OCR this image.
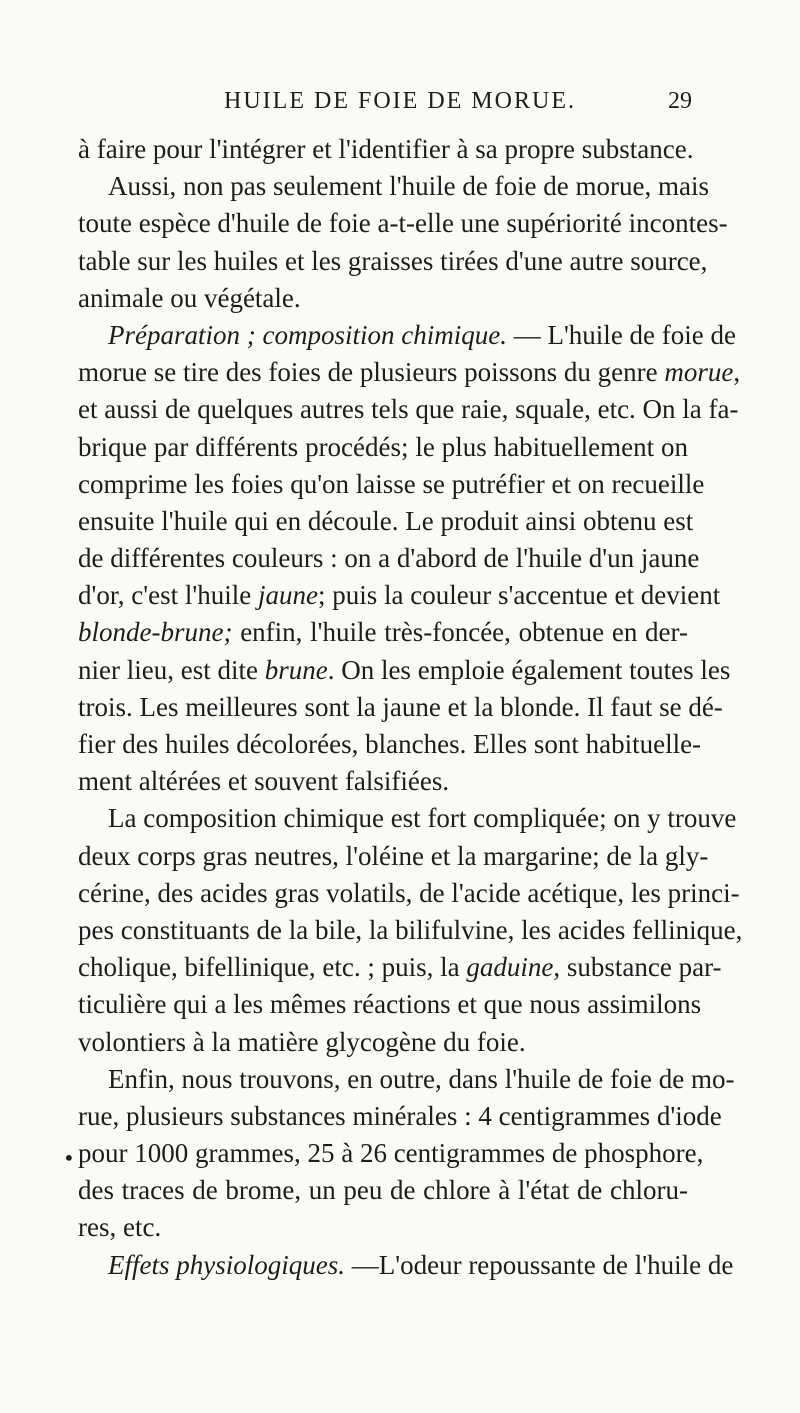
HUILE DE FOIE DE MORUE.	29
•
à faire pour l'intégrer et l'identifier à sa propre substance.
Aussi, non pas seulement l'huile de foie de morue, mais
toute espèce d'huile de foie a-t-elle une supériorité incontes-
table sur les huiles et les graisses tirées d'une autre source,
animale ou végétale.
Préparation ; composition chimique. — L'huile de foie de
morue se tire des foies de plusieurs poissons du genre morue,
et aussi de quelques autres tels que raie, squale, etc. On la fa-
brique par différents procédés; le plus habituellement on
comprime les foies qu'on laisse se putréfier et on recueille
ensuite l'huile qui en découle. Le produit ainsi obtenu est
de différentes couleurs : on a d'abord de l'huile d'un jaune
d'or, c'est l'huile jaune; puis la couleur s'accentue et devient
blonde-brune; enfin, l'huile très-foncée, obtenue en der-
nier lieu, est dite brune. On les emploie également toutes les
trois. Les meilleures sont la jaune et la blonde. Il faut se dé-
fier des huiles décolorées, blanches. Elles sont habituelle-
ment altérées et souvent falsifiées.
La composition chimique est fort compliquée; on y trouve
deux corps gras neutres, l'oléine et la margarine; de la gly-
cérine, des acides gras volatils, de l'acide acétique, les princi-
pes constituants de la bile, la bilifulvine, les acides fellinique,
cholique, bifellinique, etc. ; puis, la gaduine, substance par-
ticulière qui a les mêmes réactions et que nous assimilons
volontiers à la matière glycogène du foie.
Enfin, nous trouvons, en outre, dans l'huile de foie de mo-
rue, plusieurs substances minérales : 4 centigrammes d'iode
pour 1000 grammes, 25 à 26 centigrammes de phosphore,
des traces de brome, un peu de chlore à l'état de chloru-
res, etc.
Effets physiologiques. —L'odeur repoussante de l'huile de
